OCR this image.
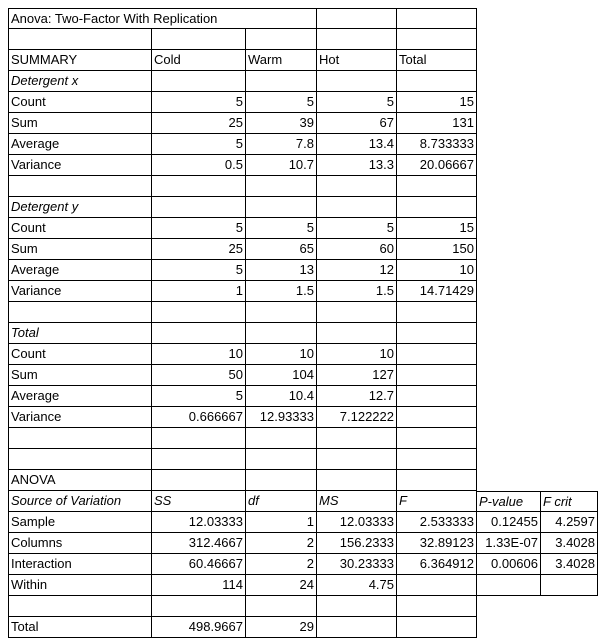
Anova: Two-Factor With Replication
SUMMARY	Cold	Warm	Hot	Total
Detergent x
Count	5	5	5	15
Sum	25	39	67	131
Average	5	7.8	13.4	8.733333
Variance	0.5	10.7	13.3	20.06667
Detergent y
Count	5	5	5	15
Sum	25	65	60	150
Average	5	13	12	10
Variance	1	1.5	1.5	14.71429
Total
Count	10	10	10
Sum	50	104	127
Average	5	10.4	12.7
Variance	0.666667	12.93333	7.122222
ANOVA
Source of Variation	SS	df	MS	F	P-value	F crit
Sample	12.03333	1	12.03333	2.533333	0.12455	4.2597
Columns	312.4667	2	156.2333	32.89123 1.33E-07	3.4028
Interaction	60.46667	2	30.23333	6.364912	0.00606	3.4028
Within	114	24	4.75
Total	498.9667	29
